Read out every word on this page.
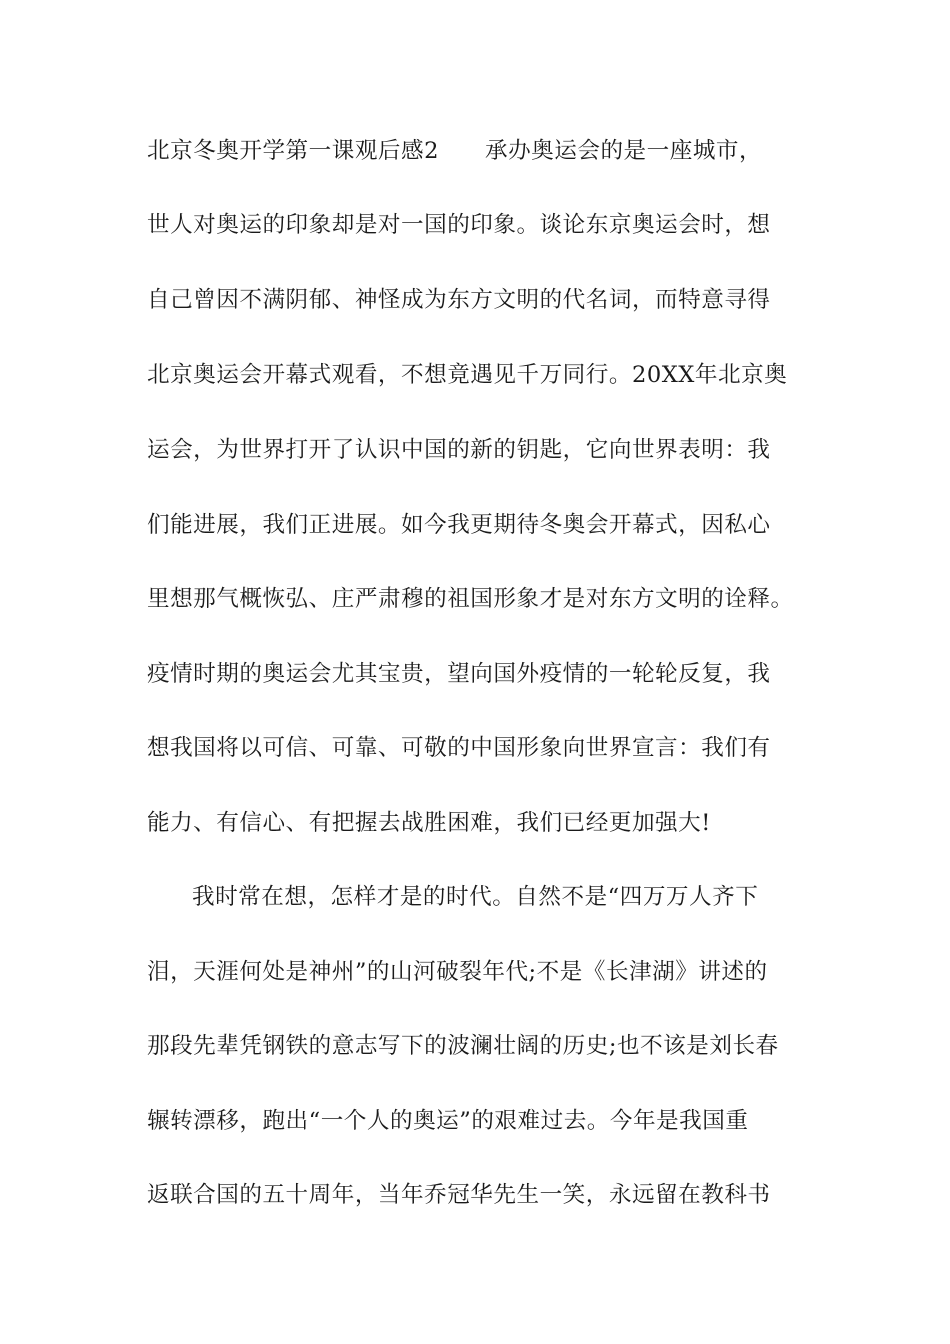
北京冬奥开学第一课观后感2 承办奥运会的是一座城市，
世人对奥运的印象却是对一国的印象。谈论东京奥运会时，想
自己曾因不满阴郁、神怪成为东方文明的代名词，而特意寻得
北京奥运会开幕式观看，不想竟遇见千万同行。20XX年北京奥
运会，为世界打开了认识中国的新的钥匙，它向世界表明：我
们能进展，我们正进展。如今我更期待冬奥会开幕式，因私心
里想那气概恢弘、庄严肃穆的祖国形象才是对东方文明的诠释。
疫情时期的奥运会尤其宝贵，望向国外疫情的一轮轮反复，我
想我国将以可信、可靠、可敬的中国形象向世界宣言：我们有
能力、有信心、有把握去战胜困难，我们已经更加强大!
我时常在想，怎样才是的时代。自然不是“四万万人齐下
泪，天涯何处是神州”的山河破裂年代;不是《长津湖》讲述的
那段先辈凭钢铁的意志写下的波澜壮阔的历史;也不该是刘长春
辗转漂移，跑出“一个人的奥运”的艰难过去。今年是我国重
返联合国的五十周年，当年乔冠华先生一笑，永远留在教科书
